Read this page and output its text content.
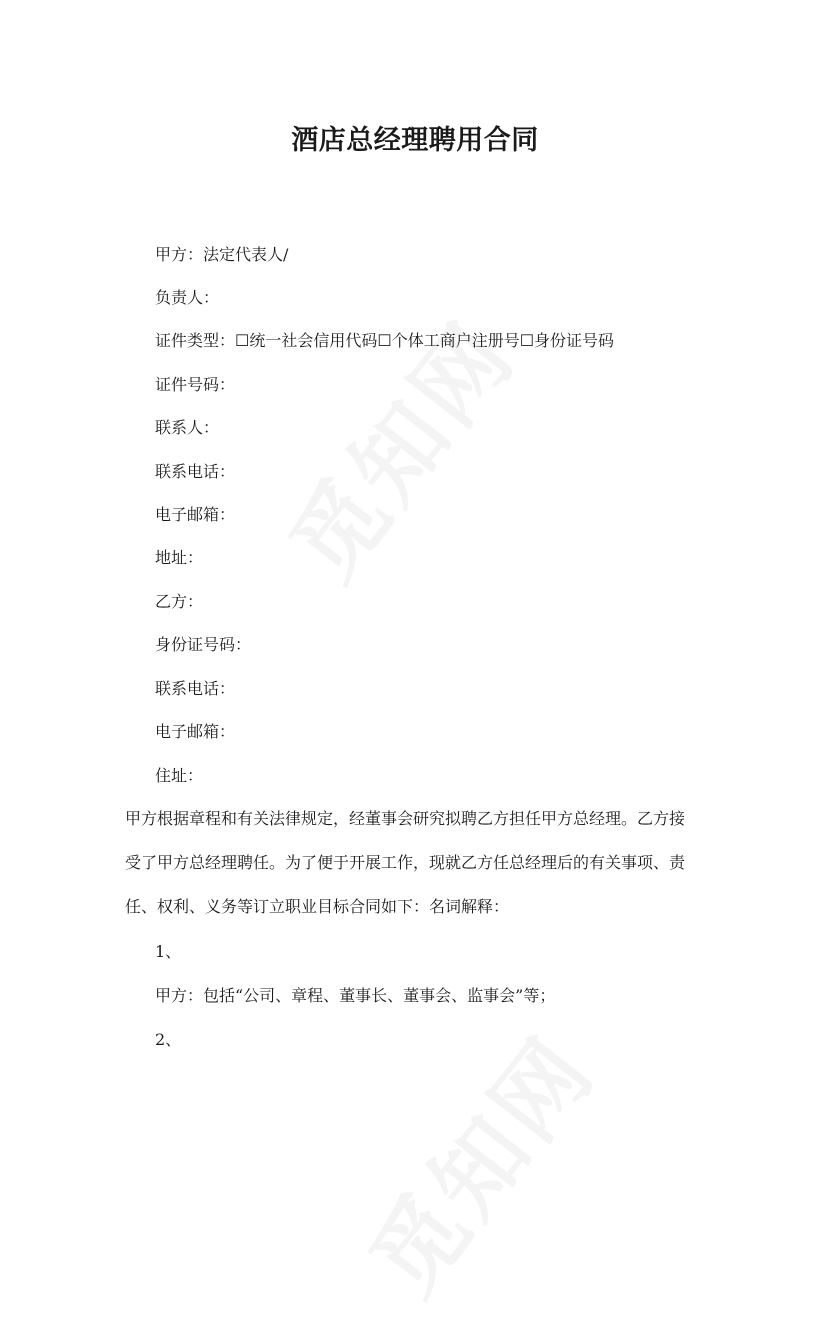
酒店总经理聘用合同

甲方：法定代表人/

负责人：

证件类型：☐统一社会信用代码☐个体工商户注册号☐身份证号码

证件号码：

联系人：

联系电话：

电子邮箱：

地址：

乙方：

身份证号码：

联系电话：

电子邮箱：

住址：

甲方根据章程和有关法律规定，经董事会研究拟聘乙方担任甲方总经理。乙方接

受了甲方总经理聘任。为了便于开展工作，现就乙方任总经理后的有关事项、责

任、权利、义务等订立职业目标合同如下：名词解释：

1、

甲方：包括“公司、章程、董事长、董事会、监事会”等；

2、
